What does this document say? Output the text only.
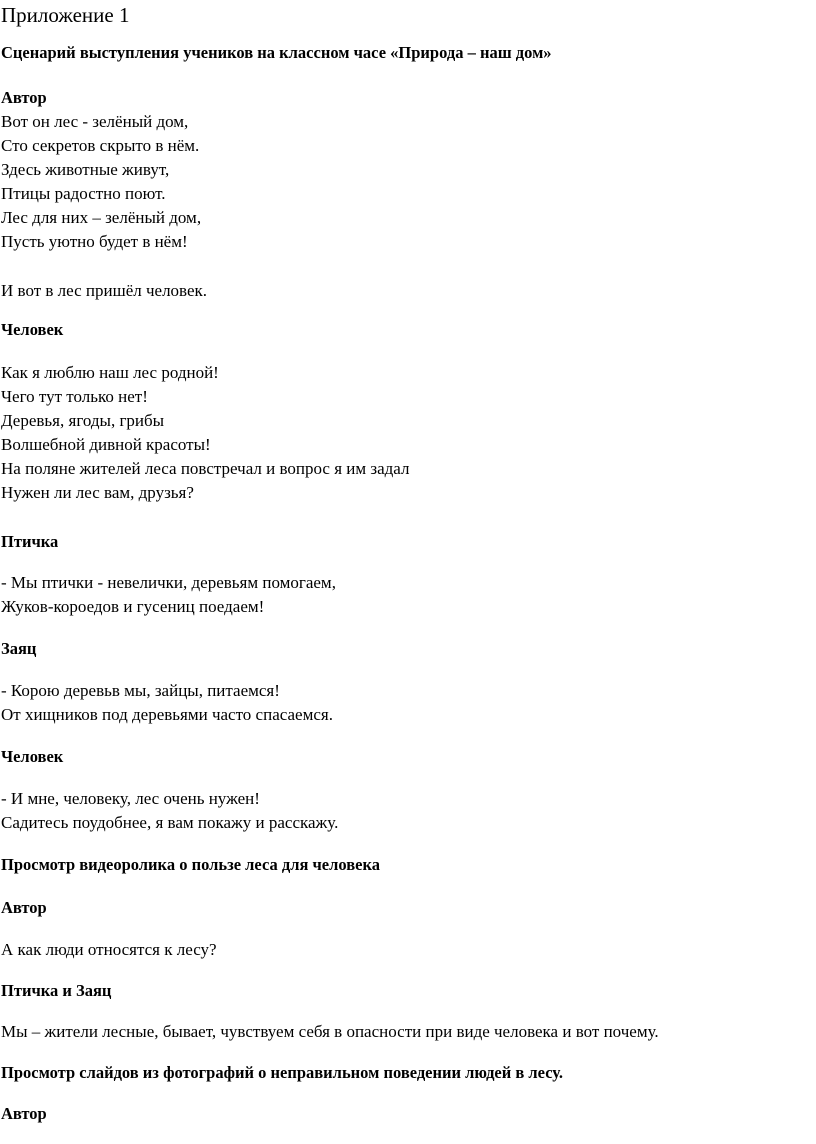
Приложение 1
Сценарий выступления учеников на классном часе «Природа – наш дом»
Автор
Вот он лес - зелёный дом,
Сто секретов скрыто в нём.
Здесь животные живут,
Птицы радостно поют.
Лес для них – зелёный дом,
Пусть уютно будет в нём!
И вот в лес пришёл человек.
Человек
Как я люблю наш лес родной!
Чего тут только нет!
Деревья, ягоды, грибы
Волшебной дивной красоты!
На поляне жителей леса повстречал и вопрос я им задал
Нужен ли лес вам, друзья?
Птичка
- Мы птички - невелички, деревьям помогаем,
Жуков-короедов и гусениц поедаем!
Заяц
- Корою деревьв мы, зайцы, питаемся!
От хищников под деревьями часто спасаемся.
Человек
- И мне, человеку, лес очень нужен!
Садитесь поудобнее, я вам покажу и расскажу.
Просмотр видеоролика о пользе леса для человека
Автор
А как люди относятся к лесу?
Птичка и Заяц
Мы – жители лесные, бывает, чувствуем себя в опасности при виде человека и вот почему.
Просмотр слайдов из фотографий о неправильном поведении людей в лесу.
Автор
